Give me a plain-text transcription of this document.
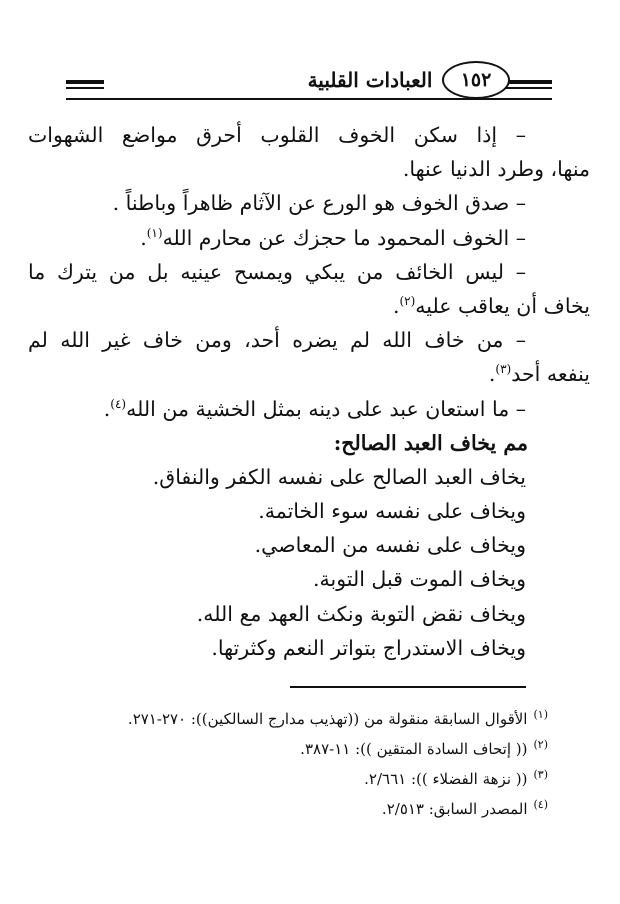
العبادات القلبية	١٥٢
– إذا سكن الخوف القلوب أحرق مواضع الشهوات
منها، وطرد الدنيا عنها.
– صدق الخوف هو الورع عن الآثام ظاهراً وباطناً .
– الخوف المحمود ما حجزك عن محارم الله$^{(١)}$.
– ليس الخائف من يبكي ويمسح عينيه بل من يترك ما
يخاف أن يعاقب عليه$^{(٢)}$.
– من خاف الله لم يضره أحد، ومن خاف غير الله لم
ينفعه أحد$^{(٣)}$.
– ما استعان عبد على دينه بمثل الخشية من الله$^{(٤)}$.
مم يخاف العبد الصالح:
يخاف العبد الصالح على نفسه الكفر والنفاق.
ويخاف على نفسه سوء الخاتمة.
ويخاف على نفسه من المعاصي.
ويخاف الموت قبل التوبة.
ويخاف نقض التوبة ونكث العهد مع الله.
ويخاف الاستدراج بتواتر النعم وكثرتها.
$^{(١)}$الأقوال السابقة منقولة من ((تهذيب مدارج السالكين)): ٢٧٠-٢٧١.
$^{(٢)}$(( إتحاف السادة المتقين )): ١١-٣٨٧.
$^{(٣)}$(( نزهة الفضلاء )): ٢/٦٦١.
$^{(٤)}$المصدر السابق: ٢/٥١٣.
